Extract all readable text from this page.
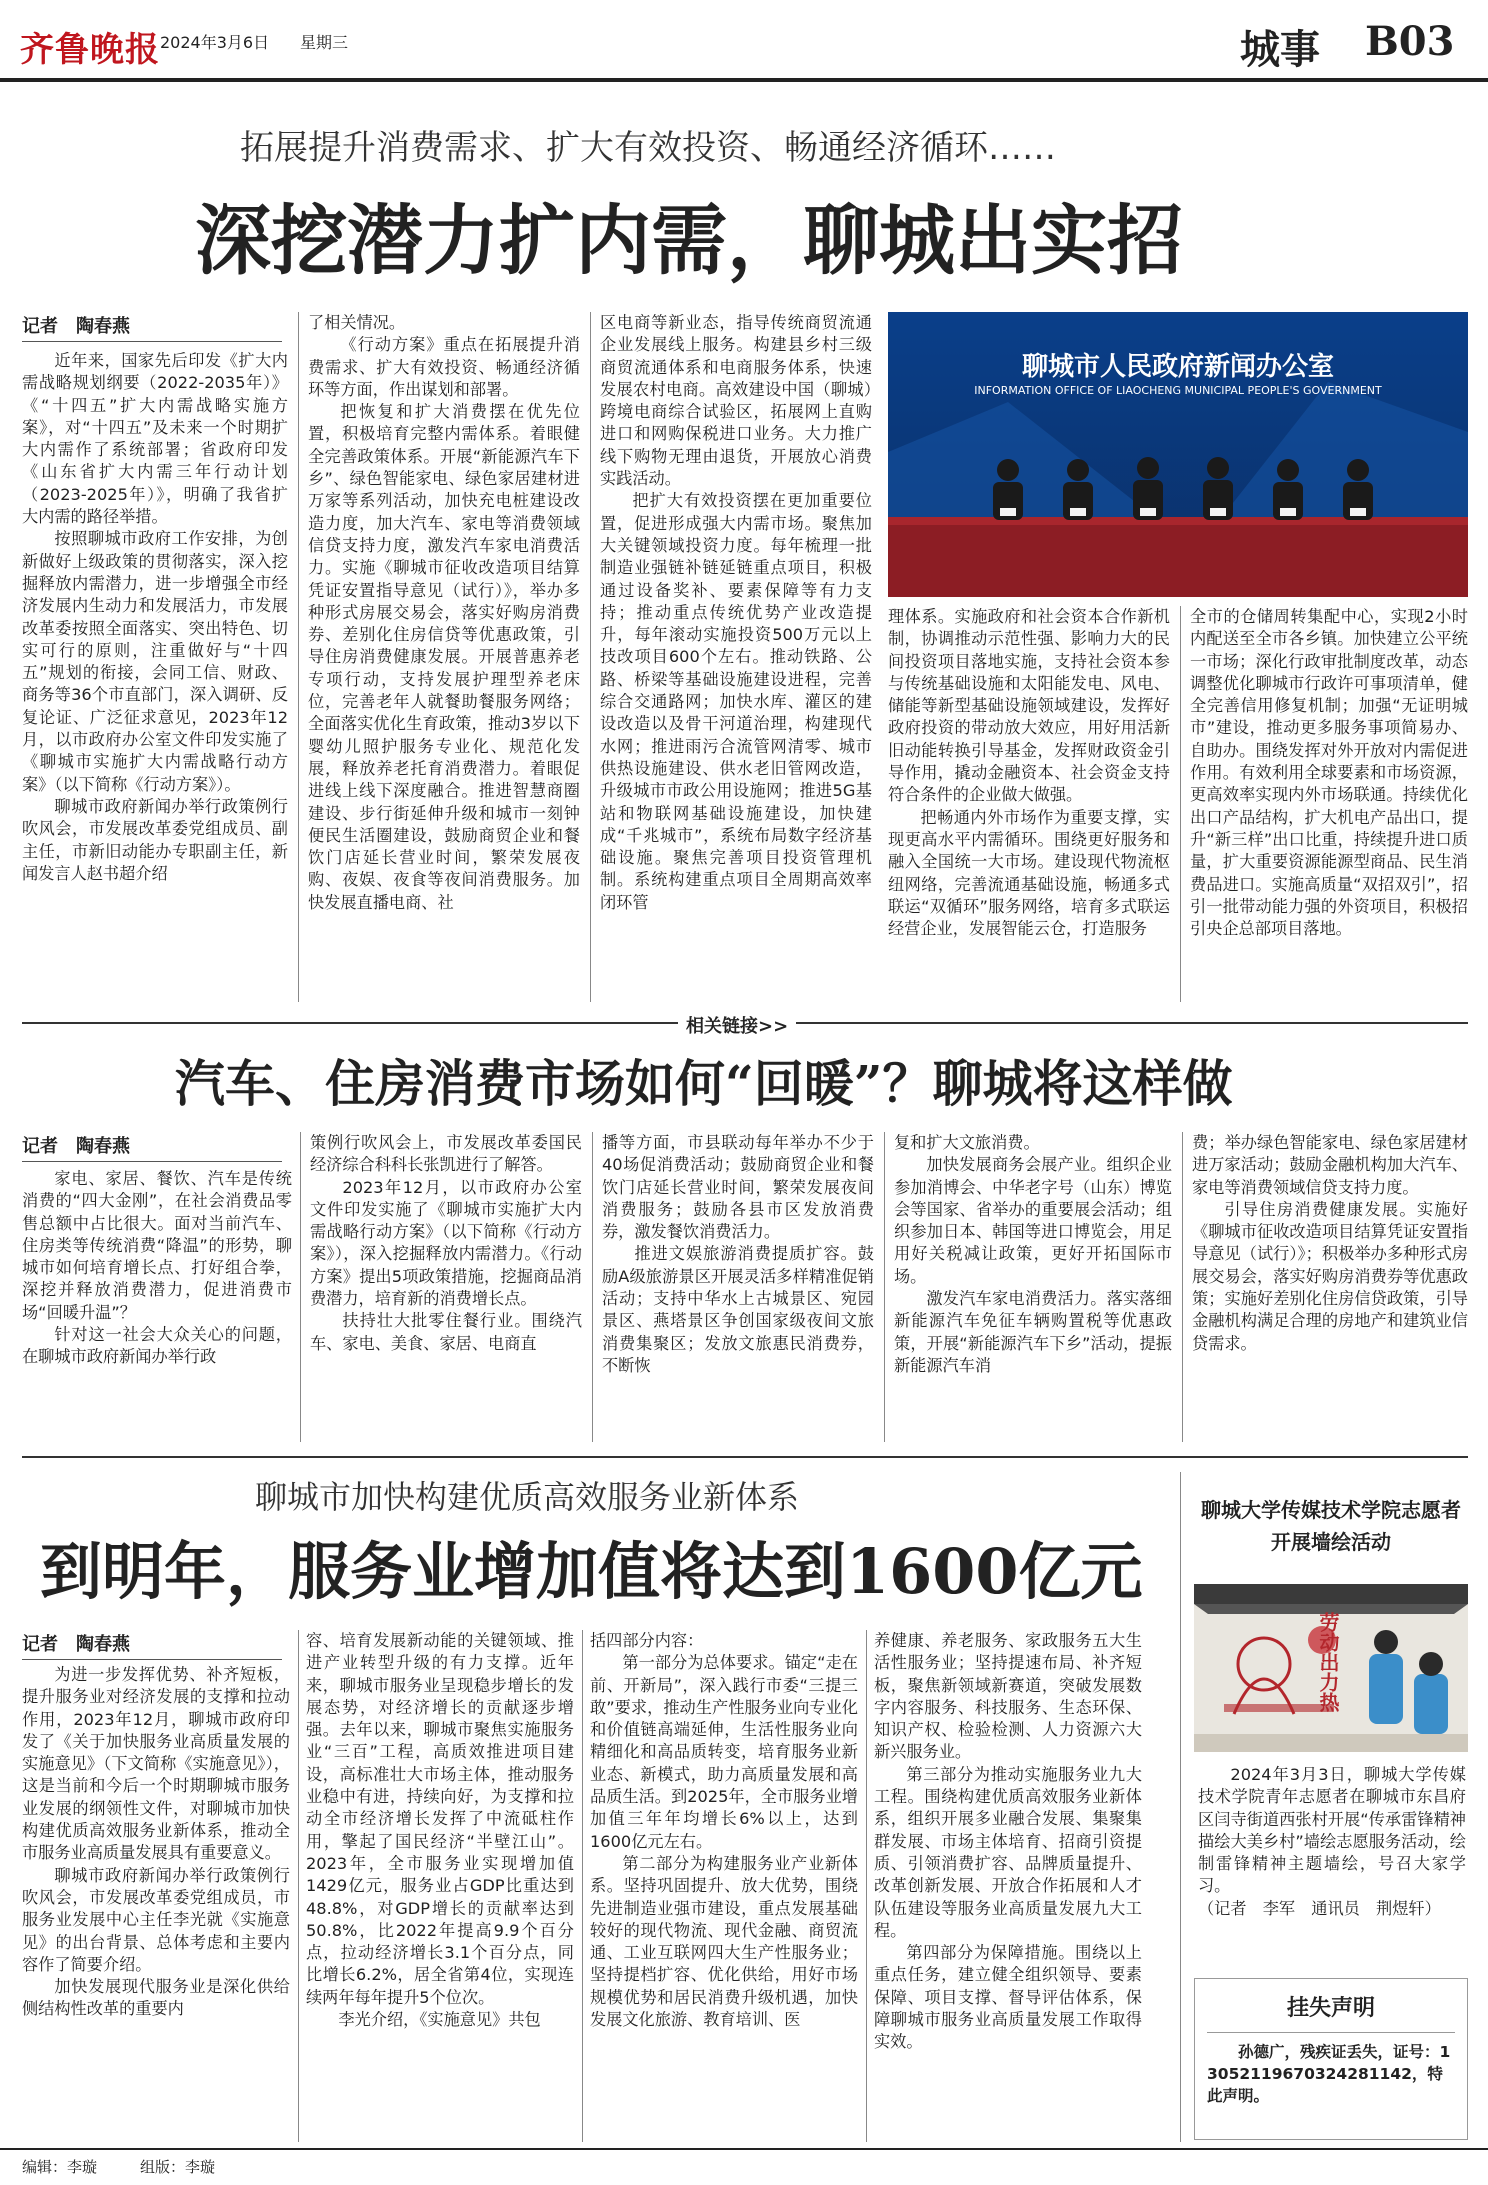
齐鲁晚报 2024年3月6日 星期三	城事 B03
拓展提升消费需求、扩大有效投资、畅通经济循环……
深挖潜力扩内需，聊城出实招
记者　陶春燕

近年来，国家先后印发《扩大内需战略规划纲要（2022-2035年）》《“十四五”扩大内需战略实施方案》，对“十四五”及未来一个时期扩大内需作了系统部署；省政府印发《山东省扩大内需三年行动计划（2023-2025年）》，明确了我省扩大内需的路径举措。

按照聊城市政府工作安排，为创新做好上级政策的贯彻落实，深入挖掘释放内需潜力，进一步增强全市经济发展内生动力和发展活力，市发展改革委按照全面落实、突出特色、切实可行的原则，注重做好与“十四五”规划的衔接，会同工信、财政、商务等36个市直部门，深入调研、反复论证、广泛征求意见，2023年12月，以市政府办公室文件印发实施了《聊城市实施扩大内需战略行动方案》（以下简称《行动方案》）。

聊城市政府新闻办举行政策例行吹风会，市发展改革委党组成员、副主任，市新旧动能办专职副主任，新闻发言人赵书超介绍

了相关情况。

《行动方案》重点在拓展提升消费需求、扩大有效投资、畅通经济循环等方面，作出谋划和部署。

把恢复和扩大消费摆在优先位置，积极培育完整内需体系。着眼健全完善政策体系。开展“新能源汽车下乡”、绿色智能家电、绿色家居建材进万家等系列活动，加快充电桩建设改造力度，加大汽车、家电等消费领域信贷支持力度，激发汽车家电消费活力。实施《聊城市征收改造项目结算凭证安置指导意见（试行）》，举办多种形式房展交易会，落实好购房消费券、差别化住房信贷等优惠政策，引导住房消费健康发展。开展普惠养老专项行动，支持发展护理型养老床位，完善老年人就餐助餐服务网络；全面落实优化生育政策，推动3岁以下婴幼儿照护服务专业化、规范化发展，释放养老托育消费潜力。着眼促进线上线下深度融合。推进智慧商圈建设、步行街延伸升级和城市一刻钟便民生活圈建设，鼓励商贸企业和餐饮门店延长营业时间，繁荣发展夜购、夜娱、夜食等夜间消费服务。加快发展直播电商、社

区电商等新业态，指导传统商贸流通企业发展线上服务。构建县乡村三级商贸流通体系和电商服务体系，快速发展农村电商。高效建设中国（聊城）跨境电商综合试验区，拓展网上直购进口和网购保税进口业务。大力推广线下购物无理由退货，开展放心消费实践活动。

把扩大有效投资摆在更加重要位置，促进形成强大内需市场。聚焦加大关键领域投资力度。每年梳理一批制造业强链补链延链重点项目，积极通过设备奖补、要素保障等有力支持；推动重点传统优势产业改造提升，每年滚动实施投资500万元以上技改项目600个左右。推动铁路、公路、桥梁等基础设施建设进程，完善综合交通路网；加快水库、灌区的建设改造以及骨干河道治理，构建现代水网；推进雨污合流管网清零、城市供热设施建设、供水老旧管网改造，升级城市市政公用设施网；推进5G基站和物联网基础设施建设，加快建成“千兆城市”，系统布局数字经济基础设施。聚焦完善项目投资管理机制。系统构建重点项目全周期高效率闭环管

聊城市人民政府新闻办公室
INFORMATION OFFICE OF LIAOCHENG MUNICIPAL PEOPLE'S GOVERNMENT

理体系。实施政府和社会资本合作新机制，协调推动示范性强、影响力大的民间投资项目落地实施，支持社会资本参与传统基础设施和太阳能发电、风电、储能等新型基础设施领域建设，发挥好政府投资的带动放大效应，用好用活新旧动能转换引导基金，发挥财政资金引导作用，撬动金融资本、社会资金支持符合条件的企业做大做强。

把畅通内外市场作为重要支撑，实现更高水平内需循环。围绕更好服务和融入全国统一大市场。建设现代物流枢纽网络，完善流通基础设施，畅通多式联运“双循环”服务网络，培育多式联运经营企业，发展智能云仓，打造服务

全市的仓储周转集配中心，实现2小时内配送至全市各乡镇。加快建立公平统一市场；深化行政审批制度改革，动态调整优化聊城市行政许可事项清单，健全完善信用修复机制；加强“无证明城市”建设，推动更多服务事项简易办、自助办。围绕发挥对外开放对内需促进作用。有效利用全球要素和市场资源，更高效率实现内外市场联通。持续优化出口产品结构，扩大机电产品出口，提升“新三样”出口比重，持续提升进口质量，扩大重要资源能源型商品、民生消费品进口。实施高质量“双招双引”，招引一批带动能力强的外资项目，积极招引央企总部项目落地。

相关链接>>
汽车、住房消费市场如何“回暖”？聊城将这样做
记者　陶春燕

家电、家居、餐饮、汽车是传统消费的“四大金刚”，在社会消费品零售总额中占比很大。面对当前汽车、住房类等传统消费“降温”的形势，聊城市如何培育增长点、打好组合拳，深挖并释放消费潜力，促进消费市场“回暖升温”？

针对这一社会大众关心的问题，在聊城市政府新闻办举行政

策例行吹风会上，市发展改革委国民经济综合科科长张凯进行了解答。

2023年12月，以市政府办公室文件印发实施了《聊城市实施扩大内需战略行动方案》（以下简称《行动方案》），深入挖掘释放内需潜力。《行动方案》提出5项政策措施，挖掘商品消费潜力，培育新的消费增长点。

扶持壮大批零住餐行业。围绕汽车、家电、美食、家居、电商直

播等方面，市县联动每年举办不少于40场促消费活动；鼓励商贸企业和餐饮门店延长营业时间，繁荣发展夜间消费服务；鼓励各县市区发放消费券，激发餐饮消费活力。

推进文娱旅游消费提质扩容。鼓励A级旅游景区开展灵活多样精准促销活动；支持中华水上古城景区、宛园景区、燕塔景区争创国家级夜间文旅消费集聚区；发放文旅惠民消费券，不断恢

复和扩大文旅消费。

加快发展商务会展产业。组织企业参加消博会、中华老字号（山东）博览会等国家、省举办的重要展会活动；组织参加日本、韩国等进口博览会，用足用好关税减让政策，更好开拓国际市场。

激发汽车家电消费活力。落实落细新能源汽车免征车辆购置税等优惠政策，开展“新能源汽车下乡”活动，提振新能源汽车消

费；举办绿色智能家电、绿色家居建材进万家活动；鼓励金融机构加大汽车、家电等消费领域信贷支持力度。

引导住房消费健康发展。实施好《聊城市征收改造项目结算凭证安置指导意见（试行）》；积极举办多种形式房展交易会，落实好购房消费券等优惠政策；实施好差别化住房信贷政策，引导金融机构满足合理的房地产和建筑业信贷需求。

聊城市加快构建优质高效服务业新体系
到明年，服务业增加值将达到1600亿元
记者　陶春燕

为进一步发挥优势、补齐短板，提升服务业对经济发展的支撑和拉动作用，2023年12月，聊城市政府印发了《关于加快服务业高质量发展的实施意见》（下文简称《实施意见》），这是当前和今后一个时期聊城市服务业发展的纲领性文件，对聊城市加快构建优质高效服务业新体系，推动全市服务业高质量发展具有重要意义。

聊城市政府新闻办举行政策例行吹风会，市发展改革委党组成员，市服务业发展中心主任李光就《实施意见》的出台背景、总体考虑和主要内容作了简要介绍。

加快发展现代服务业是深化供给侧结构性改革的重要内

容、培育发展新动能的关键领域、推进产业转型升级的有力支撑。近年来，聊城市服务业呈现稳步增长的发展态势，对经济增长的贡献逐步增强。去年以来，聊城市聚焦实施服务业“三百”工程，高质效推进项目建设，高标准壮大市场主体，推动服务业稳中有进，持续向好，为支撑和拉动全市经济增长发挥了中流砥柱作用，擎起了国民经济“半壁江山”。2023年，全市服务业实现增加值1429亿元，服务业占GDP比重达到48.8%，对GDP增长的贡献率达到50.8%，比2022年提高9.9个百分点，拉动经济增长3.1个百分点，同比增长6.2%，居全省第4位，实现连续两年每年提升5个位次。

李光介绍，《实施意见》共包

括四部分内容：

第一部分为总体要求。锚定“走在前、开新局”，深入践行市委“三提三敢”要求，推动生产性服务业向专业化和价值链高端延伸，生活性服务业向精细化和高品质转变，培育服务业新业态、新模式，助力高质量发展和高品质生活。到2025年，全市服务业增加值三年年均增长6%以上，达到1600亿元左右。

第二部分为构建服务业产业新体系。坚持巩固提升、放大优势，围绕先进制造业强市建设，重点发展基础较好的现代物流、现代金融、商贸流通、工业互联网四大生产性服务业；坚持提档扩容、优化供给，用好市场规模优势和居民消费升级机遇，加快发展文化旅游、教育培训、医

养健康、养老服务、家政服务五大生活性服务业；坚持提速布局、补齐短板，聚焦新领域新赛道，突破发展数字内容服务、科技服务、生态环保、知识产权、检验检测、人力资源六大新兴服务业。

第三部分为推动实施服务业九大工程。围绕构建优质高效服务业新体系，组织开展多业融合发展、集聚集群发展、市场主体培育、招商引资提质、引领消费扩容、品牌质量提升、改革创新发展、开放合作拓展和人才队伍建设等服务业高质量发展九大工程。

第四部分为保障措施。围绕以上重点任务，建立健全组织领导、要素保障、项目支撑、督导评估体系，保障聊城市服务业高质量发展工作取得实效。

聊城大学传媒技术学院志愿者开展墙绘活动
劳动出力热

2024年3月3日，聊城大学传媒技术学院青年志愿者在聊城市东昌府区闫寺街道西张村开展“传承雷锋精神　描绘大美乡村”墙绘志愿服务活动，绘制雷锋精神主题墙绘，号召大家学习。

（记者　李军　通讯员　荆煜轩）

挂失声明
孙德广，残疾证丢失，证号：13052119670324281142，特此声明。
编辑：李璇	组版：李璇
